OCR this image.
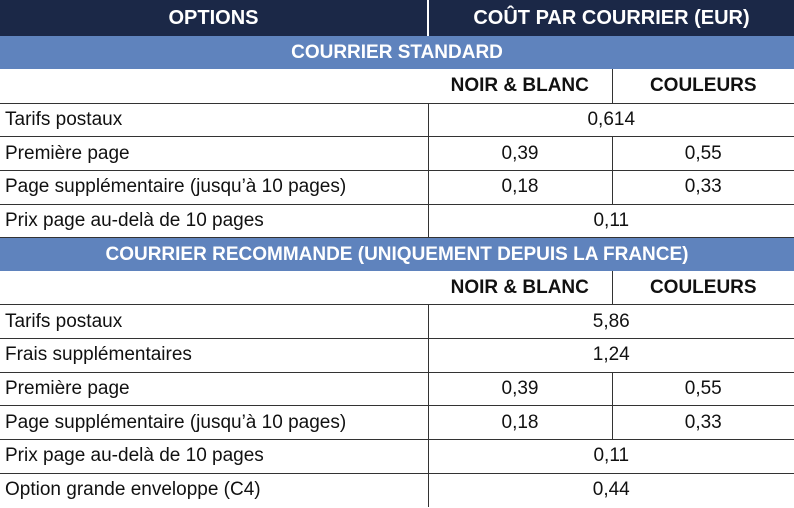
OPTIONS	COÛT PAR COURRIER (EUR)	
COURRIER STANDARD		
	NOIR & BLANC	COULEURS
Tarifs postaux	0,614	
Première page	0,39	0,55
Page supplémentaire (jusqu’à 10 pages)	0,18	0,33
Prix page au-delà de 10 pages	0,11	
COURRIER RECOMMANDE (UNIQUEMENT DEPUIS LA FRANCE)		
	NOIR & BLANC	COULEURS
Tarifs postaux	5,86	
Frais supplémentaires	1,24	
Première page	0,39	0,55
Page supplémentaire (jusqu’à 10 pages)	0,18	0,33
Prix page au-delà de 10 pages	0,11	
Option grande enveloppe (C4)	0,44	
